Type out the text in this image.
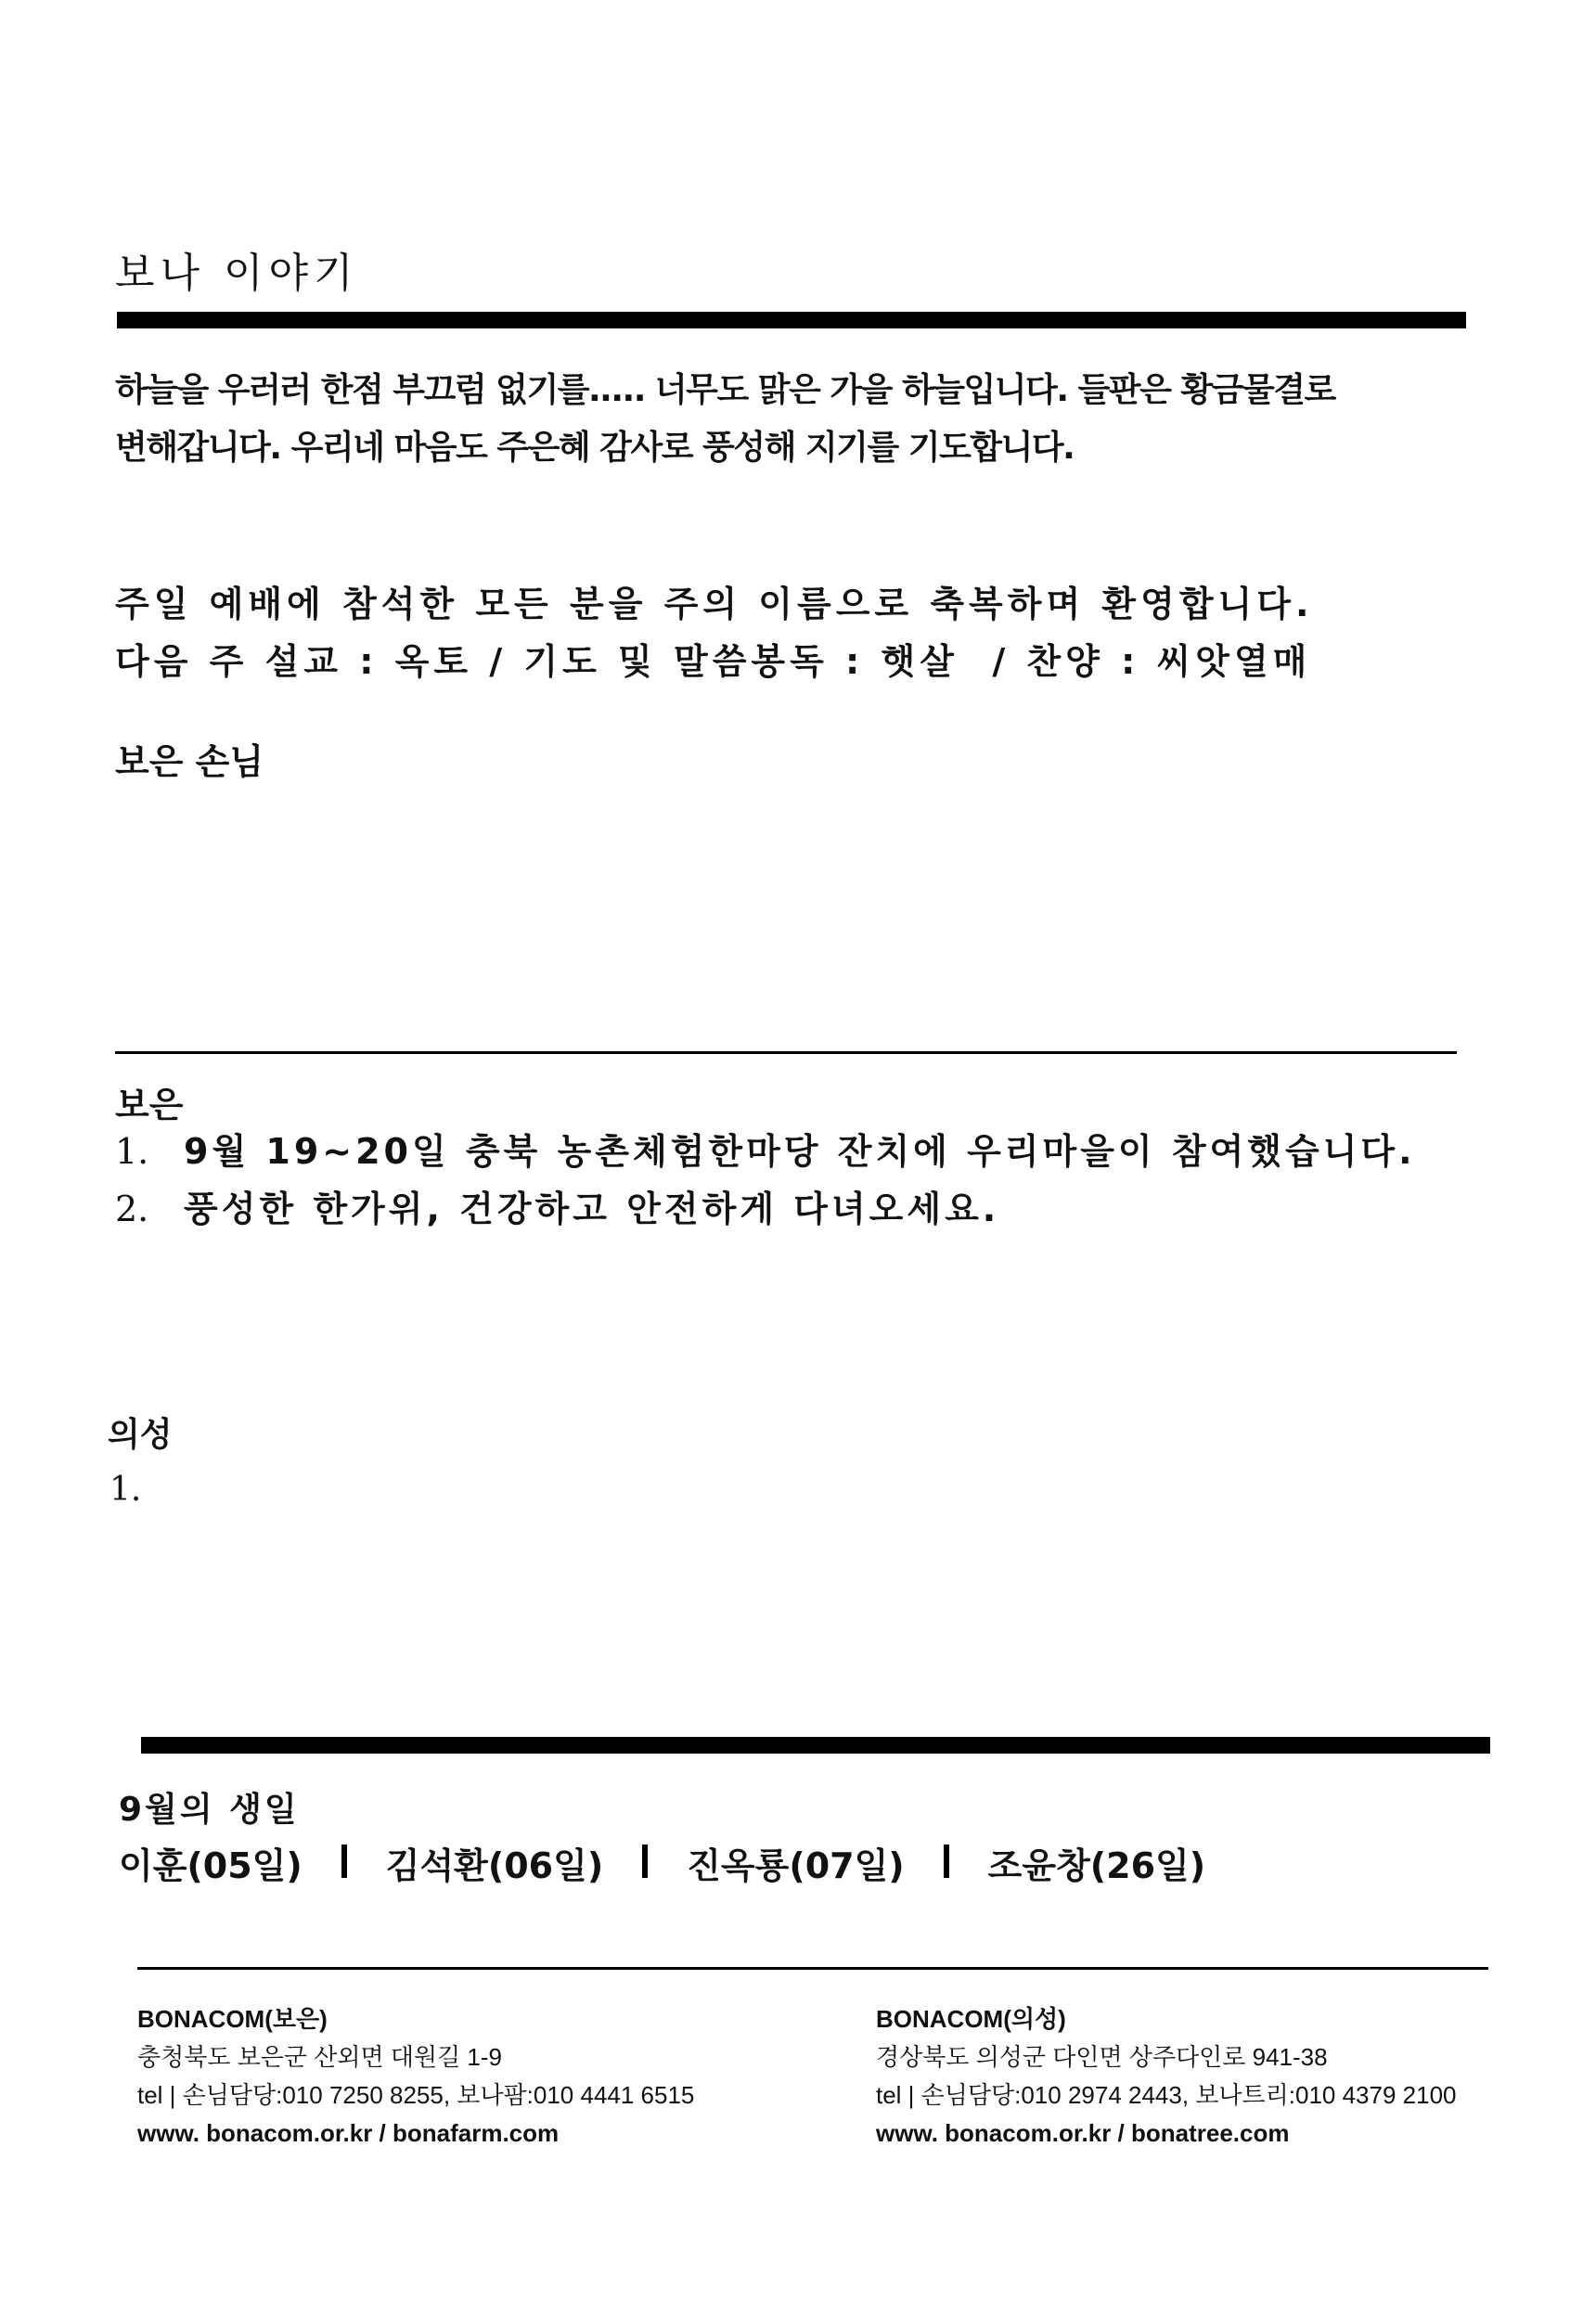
보나 이야기

하늘을 우러러 한점 부끄럼 없기를..... 너무도 맑은 가을 하늘입니다. 들판은 황금물결로

변해갑니다. 우리네 마음도 주은혜 감사로 풍성해 지기를 기도합니다.

주일 예배에 참석한 모든 분을 주의 이름으로 축복하며 환영합니다.

다음 주 설교 : 옥토 / 기도 및 말씀봉독 : 햇살  / 찬양 : 씨앗열매

보은 손님
보은
1. 9월 19~20일 충북 농촌체험한마당 잔치에 우리마을이 참여했습니다.
2. 풍성한 한가위, 건강하고 안전하게 다녀오세요.
의성
1.
9월의 생일
이훈(05일) 김석환(06일) 진옥룡(07일) 조윤창(26일)
BONACOM(보은)
충청북도 보은군 산외면 대원길 1-9
tel | 손님담당:010 7250 8255, 보나팜:010 4441 6515
www. bonacom.or.kr / bonafarm.com
BONACOM(의성)
경상북도 의성군 다인면 상주다인로 941-38
tel | 손님담당:010 2974 2443, 보나트리:010 4379 2100
www. bonacom.or.kr / bonatree.com
